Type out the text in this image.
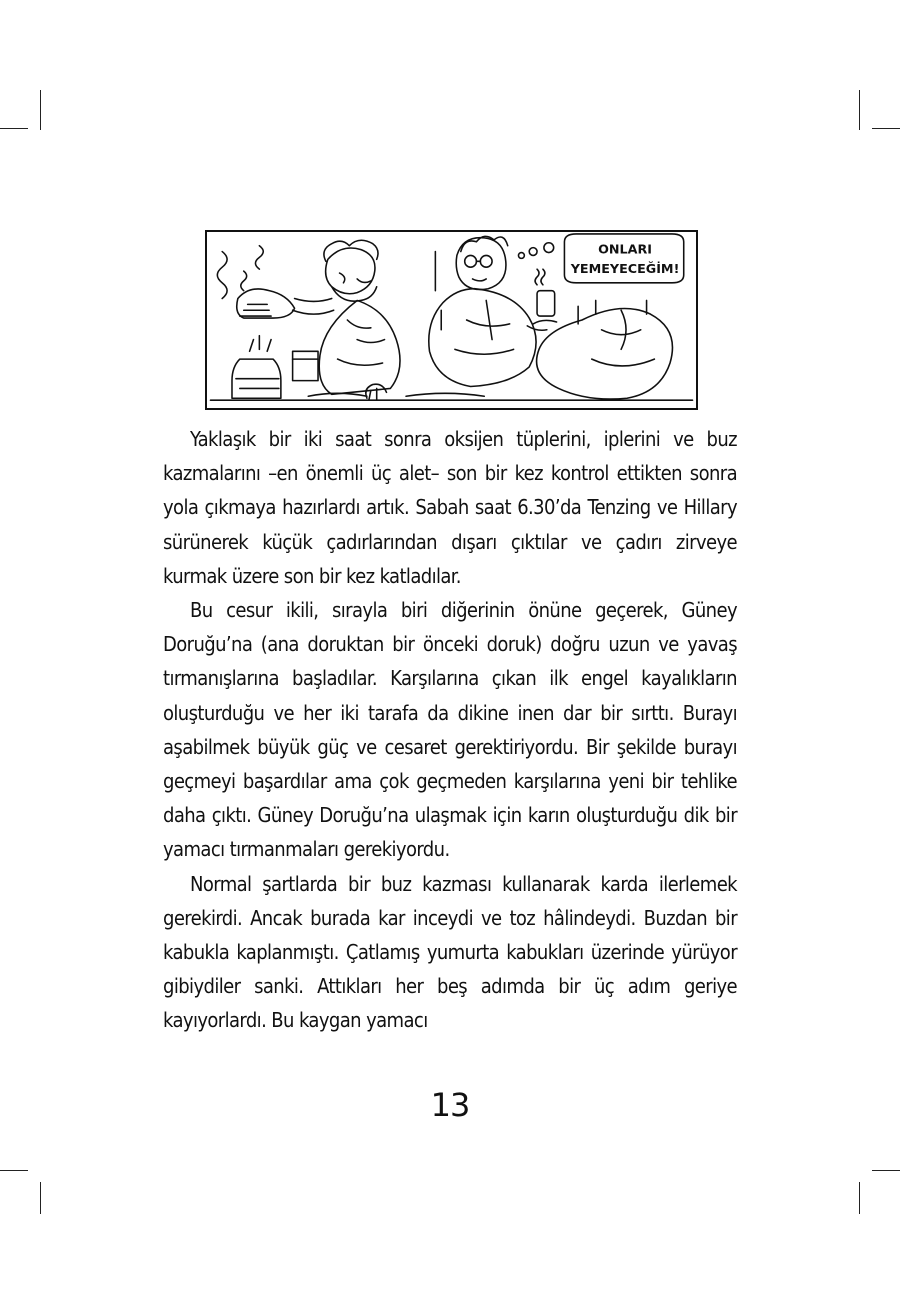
ONLARI
YEMEYECEĞİM!

Yaklaşık bir iki saat sonra oksijen tüplerini, iplerini ve buz kazmalarını –en önemli üç alet– son bir kez kontrol ettikten sonra yola çıkmaya hazırlardı artık. Sabah saat 6.30’da Tenzing ve Hillary sürünerek küçük çadırlarından dışarı çıktılar ve çadırı zirveye kurmak üzere son bir kez katladılar.

Bu cesur ikili, sırayla biri diğerinin önüne geçerek, Güney Doruğu’na (ana doruktan bir önceki doruk) doğru uzun ve yavaş tırmanışlarına başladılar. Karşılarına çıkan ilk engel kayalıkların oluşturduğu ve her iki tarafa da dikine inen dar bir sırttı. Burayı aşabilmek büyük güç ve cesaret gerektiriyordu. Bir şekilde burayı geçmeyi başardılar ama çok geçmeden karşılarına yeni bir tehlike daha çıktı. Güney Doruğu’na ulaşmak için karın oluşturduğu dik bir yamacı tırmanmaları gerekiyordu.

Normal şartlarda bir buz kazması kullanarak karda ilerlemek gerekirdi. Ancak burada kar inceydi ve toz hâlindeydi. Buzdan bir kabukla kaplanmıştı. Çatlamış yumurta kabukları üzerinde yürüyor gibiydiler sanki. Attıkları her beş adımda bir üç adım geriye kayıyorlardı. Bu kaygan yamacı

13
